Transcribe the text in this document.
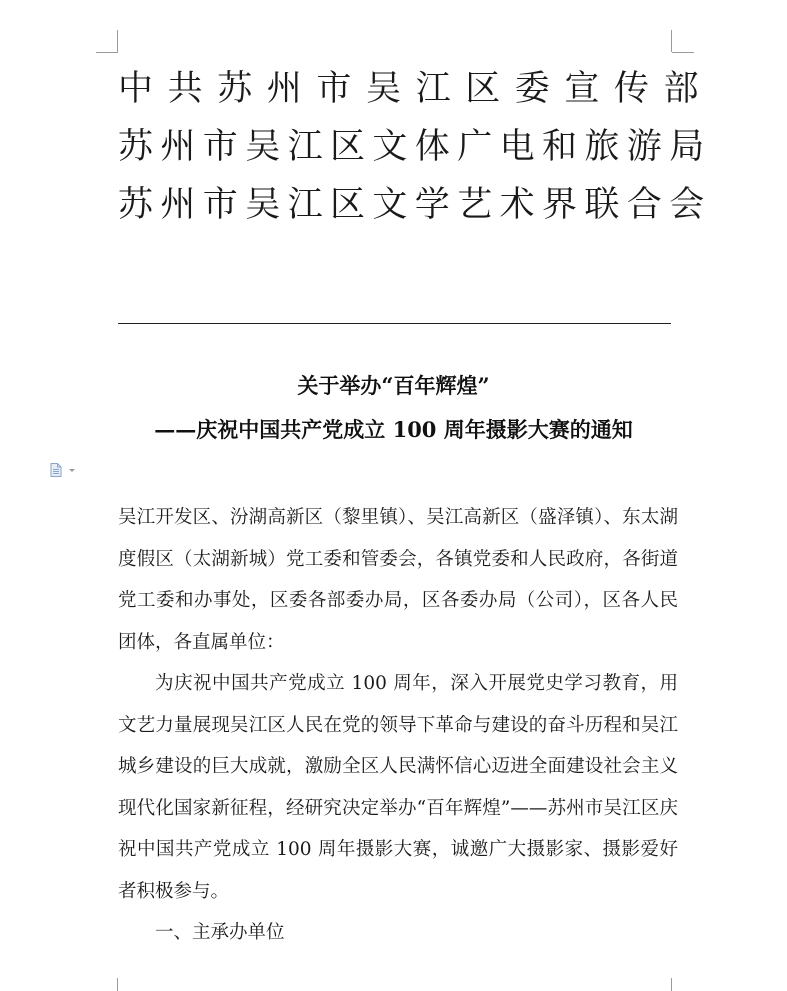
中共苏州市吴江区委宣传部
苏州市吴江区文体广电和旅游局
苏州市吴江区文学艺术界联合会
关于举办“百年辉煌”
——庆祝中国共产党成立 100 周年摄影大赛的通知

吴江开发区、汾湖高新区（黎里镇）、吴江高新区（盛泽镇）、东太湖度假区（太湖新城）党工委和管委会，各镇党委和人民政府，各街道党工委和办事处，区委各部委办局，区各委办局（公司），区各人民团体，各直属单位：

为庆祝中国共产党成立 100 周年，深入开展党史学习教育，用文艺力量展现吴江区人民在党的领导下革命与建设的奋斗历程和吴江城乡建设的巨大成就，激励全区人民满怀信心迈进全面建设社会主义现代化国家新征程，经研究决定举办“百年辉煌”——苏州市吴江区庆祝中国共产党成立 100 周年摄影大赛，诚邀广大摄影家、摄影爱好者积极参与。

一、主承办单位
